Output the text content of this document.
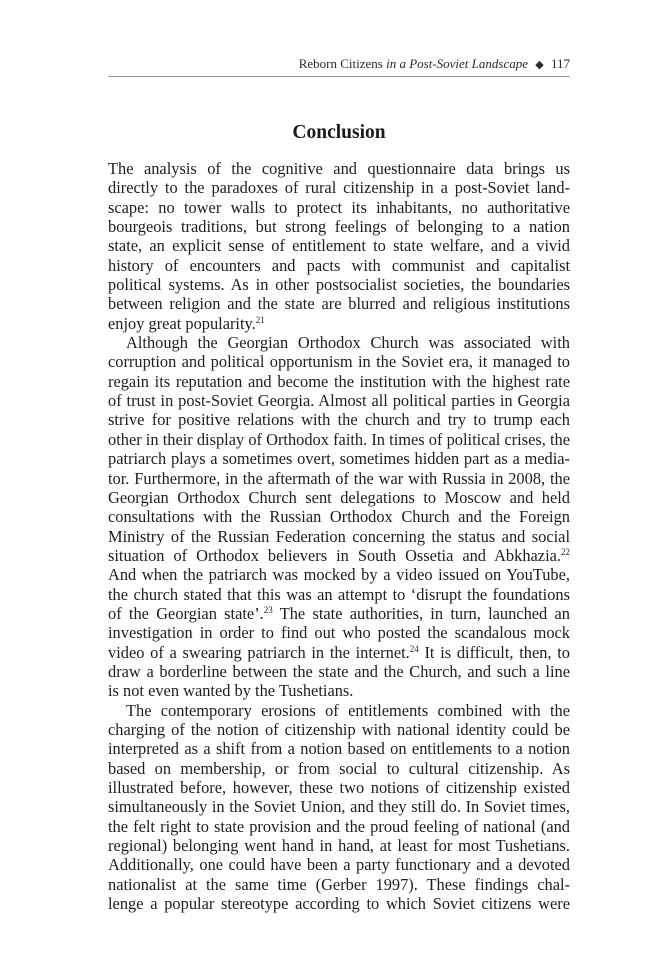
Reborn Citizens in a Post-Soviet Landscape ◆ 117
Conclusion
The analysis of the cognitive and questionnaire data brings us
directly to the paradoxes of rural citizenship in a post-Soviet land-
scape: no tower walls to protect its inhabitants, no authoritative
bourgeois traditions, but strong feelings of belonging to a nation
state, an explicit sense of entitlement to state welfare, and a vivid
history of encounters and pacts with communist and capitalist
political systems. As in other postsocialist societies, the boundaries
between religion and the state are blurred and religious institutions
enjoy great popularity.$^{21}$
Although the Georgian Orthodox Church was associated with
corruption and political opportunism in the Soviet era, it managed to
regain its reputation and become the institution with the highest rate
of trust in post-Soviet Georgia. Almost all political parties in Georgia
strive for positive relations with the church and try to trump each
other in their display of Orthodox faith. In times of political crises, the
patriarch plays a sometimes overt, sometimes hidden part as a media-
tor. Furthermore, in the aftermath of the war with Russia in 2008, the
Georgian Orthodox Church sent delegations to Moscow and held
consultations with the Russian Orthodox Church and the Foreign
Ministry of the Russian Federation concerning the status and social
situation of Orthodox believers in South Ossetia and Abkhazia.$^{22}$
And when the patriarch was mocked by a video issued on YouTube,
the church stated that this was an attempt to ‘disrupt the foundations
of the Georgian state’.$^{23}$ The state authorities, in turn, launched an
investigation in order to find out who posted the scandalous mock
video of a swearing patriarch in the internet.$^{24}$ It is difficult, then, to
draw a borderline between the state and the Church, and such a line
is not even wanted by the Tushetians.
The contemporary erosions of entitlements combined with the
charging of the notion of citizenship with national identity could be
interpreted as a shift from a notion based on entitlements to a notion
based on membership, or from social to cultural citizenship. As
illustrated before, however, these two notions of citizenship existed
simultaneously in the Soviet Union, and they still do. In Soviet times,
the felt right to state provision and the proud feeling of national (and
regional) belonging went hand in hand, at least for most Tushetians.
Additionally, one could have been a party functionary and a devoted
nationalist at the same time (Gerber 1997). These findings chal-
lenge a popular stereotype according to which Soviet citizens were
